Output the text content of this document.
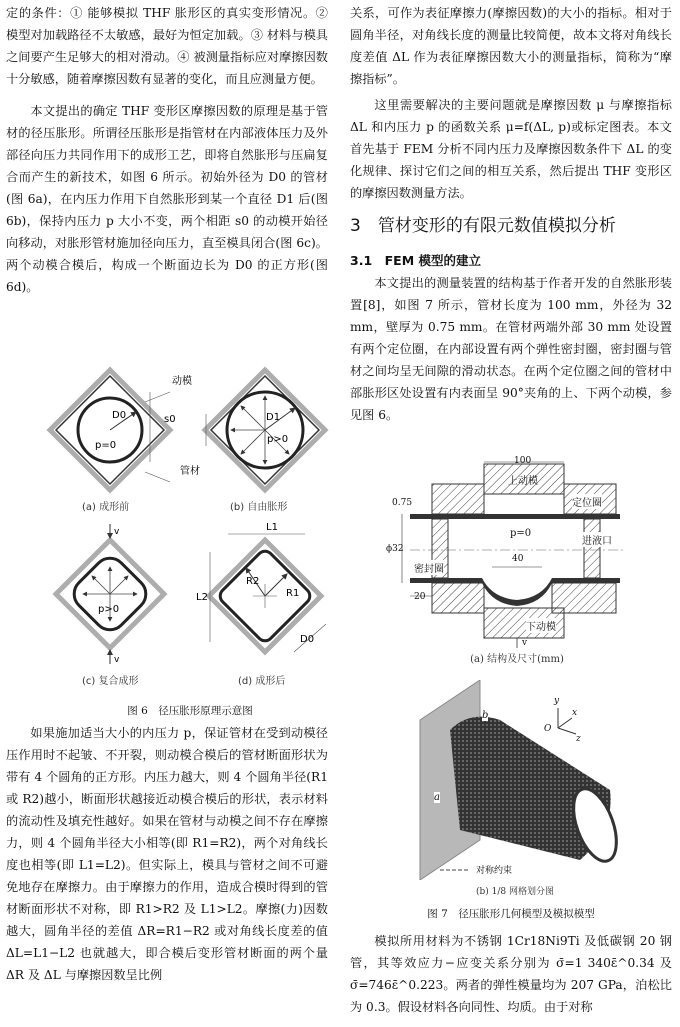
定的条件：① 能够模拟 THF 胀形区的真实变形情况。② 模型对加载路径不太敏感，最好为恒定加载。③ 材料与模具之间要产生足够大的相对滑动。④ 被测量指标应对摩擦因数十分敏感，随着摩擦因数有显著的变化，而且应测量方便。

本文提出的确定 THF 变形区摩擦因数的原理是基于管材的径压胀形。所谓径压胀形是指管材在内部液体压力及外部径向压力共同作用下的成形工艺，即将自然胀形与压扁复合而产生的新技术，如图 6 所示。初始外径为 D0 的管材(图 6a)，在内压力作用下自然胀形到某一个直径 D1 后(图 6b)，保持内压力 p 大小不变，两个相距 s0 的动模开始径向移动，对胀形管材施加径向压力，直至模具闭合(图 6c)。两个动模合模后，构成一个断面边长为 D0 的正方形(图 6d)。

D0
p=0
s0
动模
管材
(a) 成形前
D1
p>0
(b) 自由胀形
v
p>0
v
(c) 复合成形
L1
L2
R2
R1
D0
(d) 成形后
图 6　径压胀形原理示意图

如果施加适当大小的内压力 p，保证管材在受到动模径压作用时不起皱、不开裂，则动模合模后的管材断面形状为带有 4 个圆角的正方形。内压力越大，则 4 个圆角半径(R1 或 R2)越小，断面形状越接近动模合模后的形状，表示材料的流动性及填充性越好。如果在管材与动模之间不存在摩擦力，则 4 个圆角半径大小相等(即 R1=R2)，两个对角线长度也相等(即 L1=L2)。但实际上，模具与管材之间不可避免地存在摩擦力。由于摩擦力的作用，造成合模时得到的管材断面形状不对称，即 R1>R2 及 L1>L2。摩擦(力)因数越大，圆角半径的差值 ΔR=R1−R2 或对角线长度差的值 ΔL=L1−L2 也就越大，即合模后变形管材断面的两个量 ΔR 及 ΔL 与摩擦因数呈比例

关系，可作为表征摩擦力(摩擦因数)的大小的指标。相对于圆角半径，对角线长度的测量比较简便，故本文将对角线长度差值 ΔL 作为表征摩擦因数大小的测量指标，简称为“摩擦指标”。

这里需要解决的主要问题就是摩擦因数 μ 与摩擦指标 ΔL 和内压力 p 的函数关系 μ=f(ΔL, p)或标定图表。本文首先基于 FEM 分析不同内压力及摩擦因数条件下 ΔL 的变化规律、探讨它们之间的相互关系，然后提出 THF 变形区的摩擦因数测量方法。

3　管材变形的有限元数值模拟分析
3.1　FEM 模型的建立

本文提出的测量装置的结构基于作者开发的自然胀形装置[8]，如图 7 所示，管材长度为 100 mm，外径为 32 mm，壁厚为 0.75 mm。在管材两端外部 30 mm 处设置有两个定位圈，在内部设置有两个弹性密封圈，密封圈与管材之间均呈无间隙的滑动状态。在两个定位圈之间的管材中部胀形区处设置有内表面呈 90°夹角的上、下两个动模，参见图 6。

100
上动模
定位圈
0.75
p=0
进液口
ϕ32
40
密封圈
20
下动模
v
(a) 结构及尺寸(mm)
a
b
y
x
z
O
对称约束
(b) 1/8 网格划分图
图 7　径压胀形几何模型及模拟模型

模拟所用材料为不锈钢 1Cr18Ni9Ti 及低碳钢 20 钢管，其等效应力−应变关系分别为 σ̄=1 340ε̄^0.34 及 σ̄=746ε̄^0.223。两者的弹性模量均为 207 GPa，泊松比为 0.3。假设材料各向同性、均质。由于对称
